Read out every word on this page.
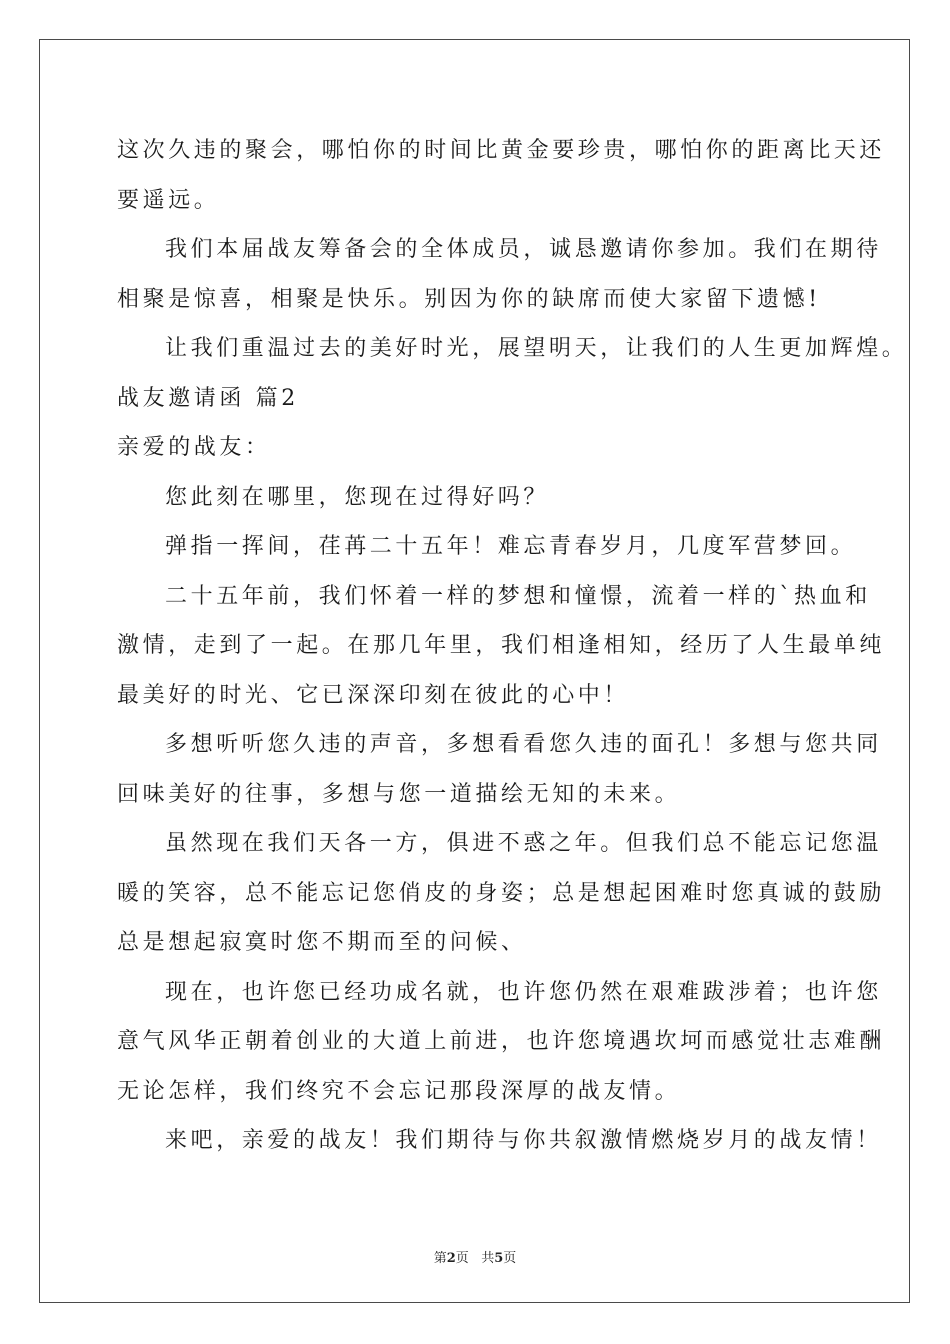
这次久违的聚会，哪怕你的时间比黄金要珍贵，哪怕你的距离比天还
要遥远。
我们本届战友筹备会的全体成员，诚恳邀请你参加。我们在期待
相聚是惊喜，相聚是快乐。别因为你的缺席而使大家留下遗憾!
让我们重温过去的美好时光，展望明天，让我们的人生更加辉煌。
战友邀请函 篇2
亲爱的战友：
您此刻在哪里，您现在过得好吗？
弹指一挥间，荏苒二十五年！难忘青春岁月，几度军营梦回。
二十五年前，我们怀着一样的梦想和憧憬，流着一样的`热血和
激情，走到了一起。在那几年里，我们相逢相知，经历了人生最单纯
最美好的时光、它已深深印刻在彼此的心中！
多想听听您久违的声音，多想看看您久违的面孔！多想与您共同
回味美好的往事，多想与您一道描绘无知的未来。
虽然现在我们天各一方，俱进不惑之年。但我们总不能忘记您温
暖的笑容，总不能忘记您俏皮的身姿；总是想起困难时您真诚的鼓励
总是想起寂寞时您不期而至的问候、
现在，也许您已经功成名就，也许您仍然在艰难跋涉着；也许您
意气风华正朝着创业的大道上前进，也许您境遇坎坷而感觉壮志难酬
无论怎样，我们终究不会忘记那段深厚的战友情。
来吧，亲爱的战友！我们期待与你共叙激情燃烧岁月的战友情！
第2页 共5页
